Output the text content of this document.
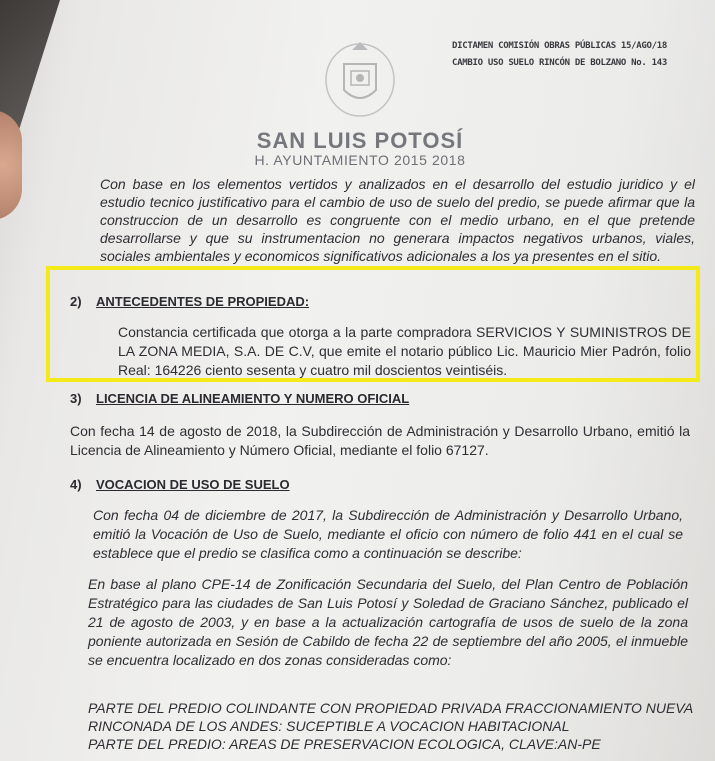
DICTAMEN COMISIÓN OBRAS PÚBLICAS 15/AGO/18
CAMBIO USO SUELO RINCÓN DE BOLZANO No. 143
SAN LUIS POTOSÍ
H. AYUNTAMIENTO 2015 2018
Con base en los elementos vertidos y analizados en el desarrollo del estudio juridico y el estudio tecnico justificativo para el cambio de uso de suelo del predio, se puede afirmar que la construccion de un desarrollo es congruente con el medio urbano, en el que pretende desarrollarse y que su instrumentacion no generara impactos negativos urbanos, viales, sociales ambientales y economicos significativos adicionales a los ya presentes en el sitio.
2) ANTECEDENTES DE PROPIEDAD:
Constancia certificada que otorga a la parte compradora SERVICIOS Y SUMINISTROS DE LA ZONA MEDIA, S.A. DE C.V, que emite el notario público Lic. Mauricio Mier Padrón, folio Real: 164226 ciento sesenta y cuatro mil doscientos veintiséis.
3) LICENCIA DE ALINEAMIENTO Y NUMERO OFICIAL
Con fecha 14 de agosto de 2018, la Subdirección de Administración y Desarrollo Urbano, emitió la Licencia de Alineamiento y Número Oficial, mediante el folio 67127.
4) VOCACION DE USO DE SUELO
Con fecha 04 de diciembre de 2017, la Subdirección de Administración y Desarrollo Urbano, emitió la Vocación de Uso de Suelo, mediante el oficio con número de folio 441 en el cual se establece que el predio se clasifica como a continuación se describe:
En base al plano CPE-14 de Zonificación Secundaria del Suelo, del Plan Centro de Población Estratégico para las ciudades de San Luis Potosí y Soledad de Graciano Sánchez, publicado el 21 de agosto de 2003, y en base a la actualización cartografía de usos de suelo de la zona poniente autorizada en Sesión de Cabildo de fecha 22 de septiembre del año 2005, el inmueble se encuentra localizado en dos zonas consideradas como:
PARTE DEL PREDIO COLINDANTE CON PROPIEDAD PRIVADA FRACCIONAMIENTO NUEVA RINCONADA DE LOS ANDES: SUCEPTIBLE A VOCACION HABITACIONAL
PARTE DEL PREDIO: AREAS DE PRESERVACION ECOLOGICA, CLAVE:AN-PE
